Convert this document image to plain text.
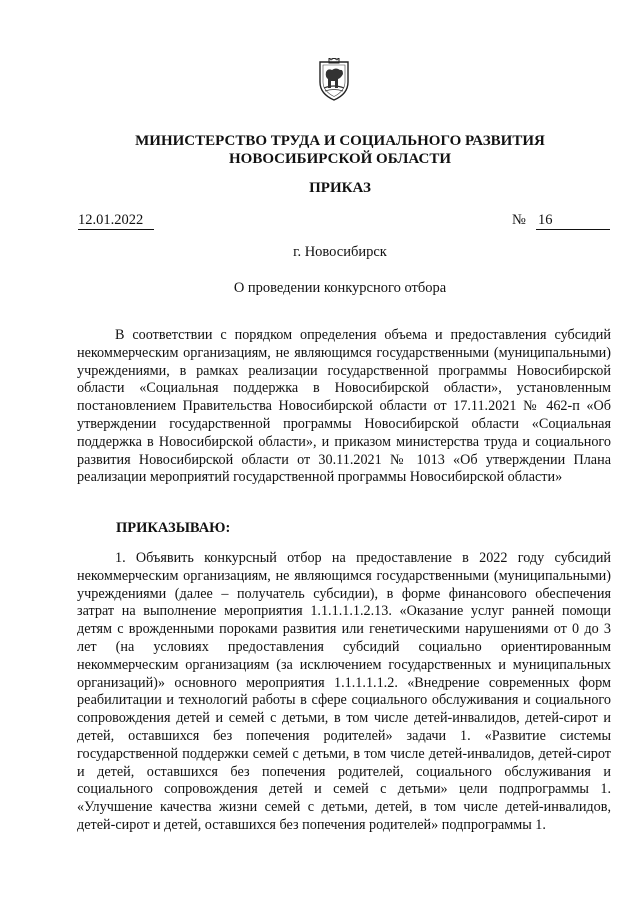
МИНИСТЕРСТВО ТРУДА И СОЦИАЛЬНОГО РАЗВИТИЯ
НОВОСИБИРСКОЙ ОБЛАСТИ
ПРИКАЗ
12.01.2022	№ 16
г. Новосибирск
О проведении конкурсного отбора

В соответствии с порядком определения объема и предоставления субсидий некоммерческим организациям, не являющимся государственными (муниципальными) учреждениями, в рамках реализации государственной программы Новосибирской области «Социальная поддержка в Новосибирской области», установленным постановлением Правительства Новосибирской области от 17.11.2021 № 462-п «Об утверждении государственной программы Новосибирской области «Социальная поддержка в Новосибирской области», и приказом министерства труда и социального развития Новосибирской области от 30.11.2021 № 1013 «Об утверждении Плана реализации мероприятий государственной программы Новосибирской области»

ПРИКАЗЫВАЮ:

1. Объявить конкурсный отбор на предоставление в 2022 году субсидий некоммерческим организациям, не являющимся государственными (муниципальными) учреждениями (далее – получатель субсидии), в форме финансового обеспечения затрат на выполнение мероприятия 1.1.1.1.1.2.13. «Оказание услуг ранней помощи детям с врожденными пороками развития или генетическими нарушениями от 0 до 3 лет (на условиях предоставления субсидий социально ориентированным некоммерческим организациям (за исключением государственных и муниципальных организаций)» основного мероприятия 1.1.1.1.1.2. «Внедрение современных форм реабилитации и технологий работы в сфере социального обслуживания и социального сопровождения детей и семей с детьми, в том числе детей-инвалидов, детей-сирот и детей, оставшихся без попечения родителей» задачи 1. «Развитие системы государственной поддержки семей с детьми, в том числе детей-инвалидов, детей-сирот и детей, оставшихся без попечения родителей, социального обслуживания и социального сопровождения детей и семей с детьми» цели подпрограммы 1. «Улучшение качества жизни семей с детьми, детей, в том числе детей-инвалидов, детей-сирот и детей, оставшихся без попечения родителей» подпрограммы 1.
